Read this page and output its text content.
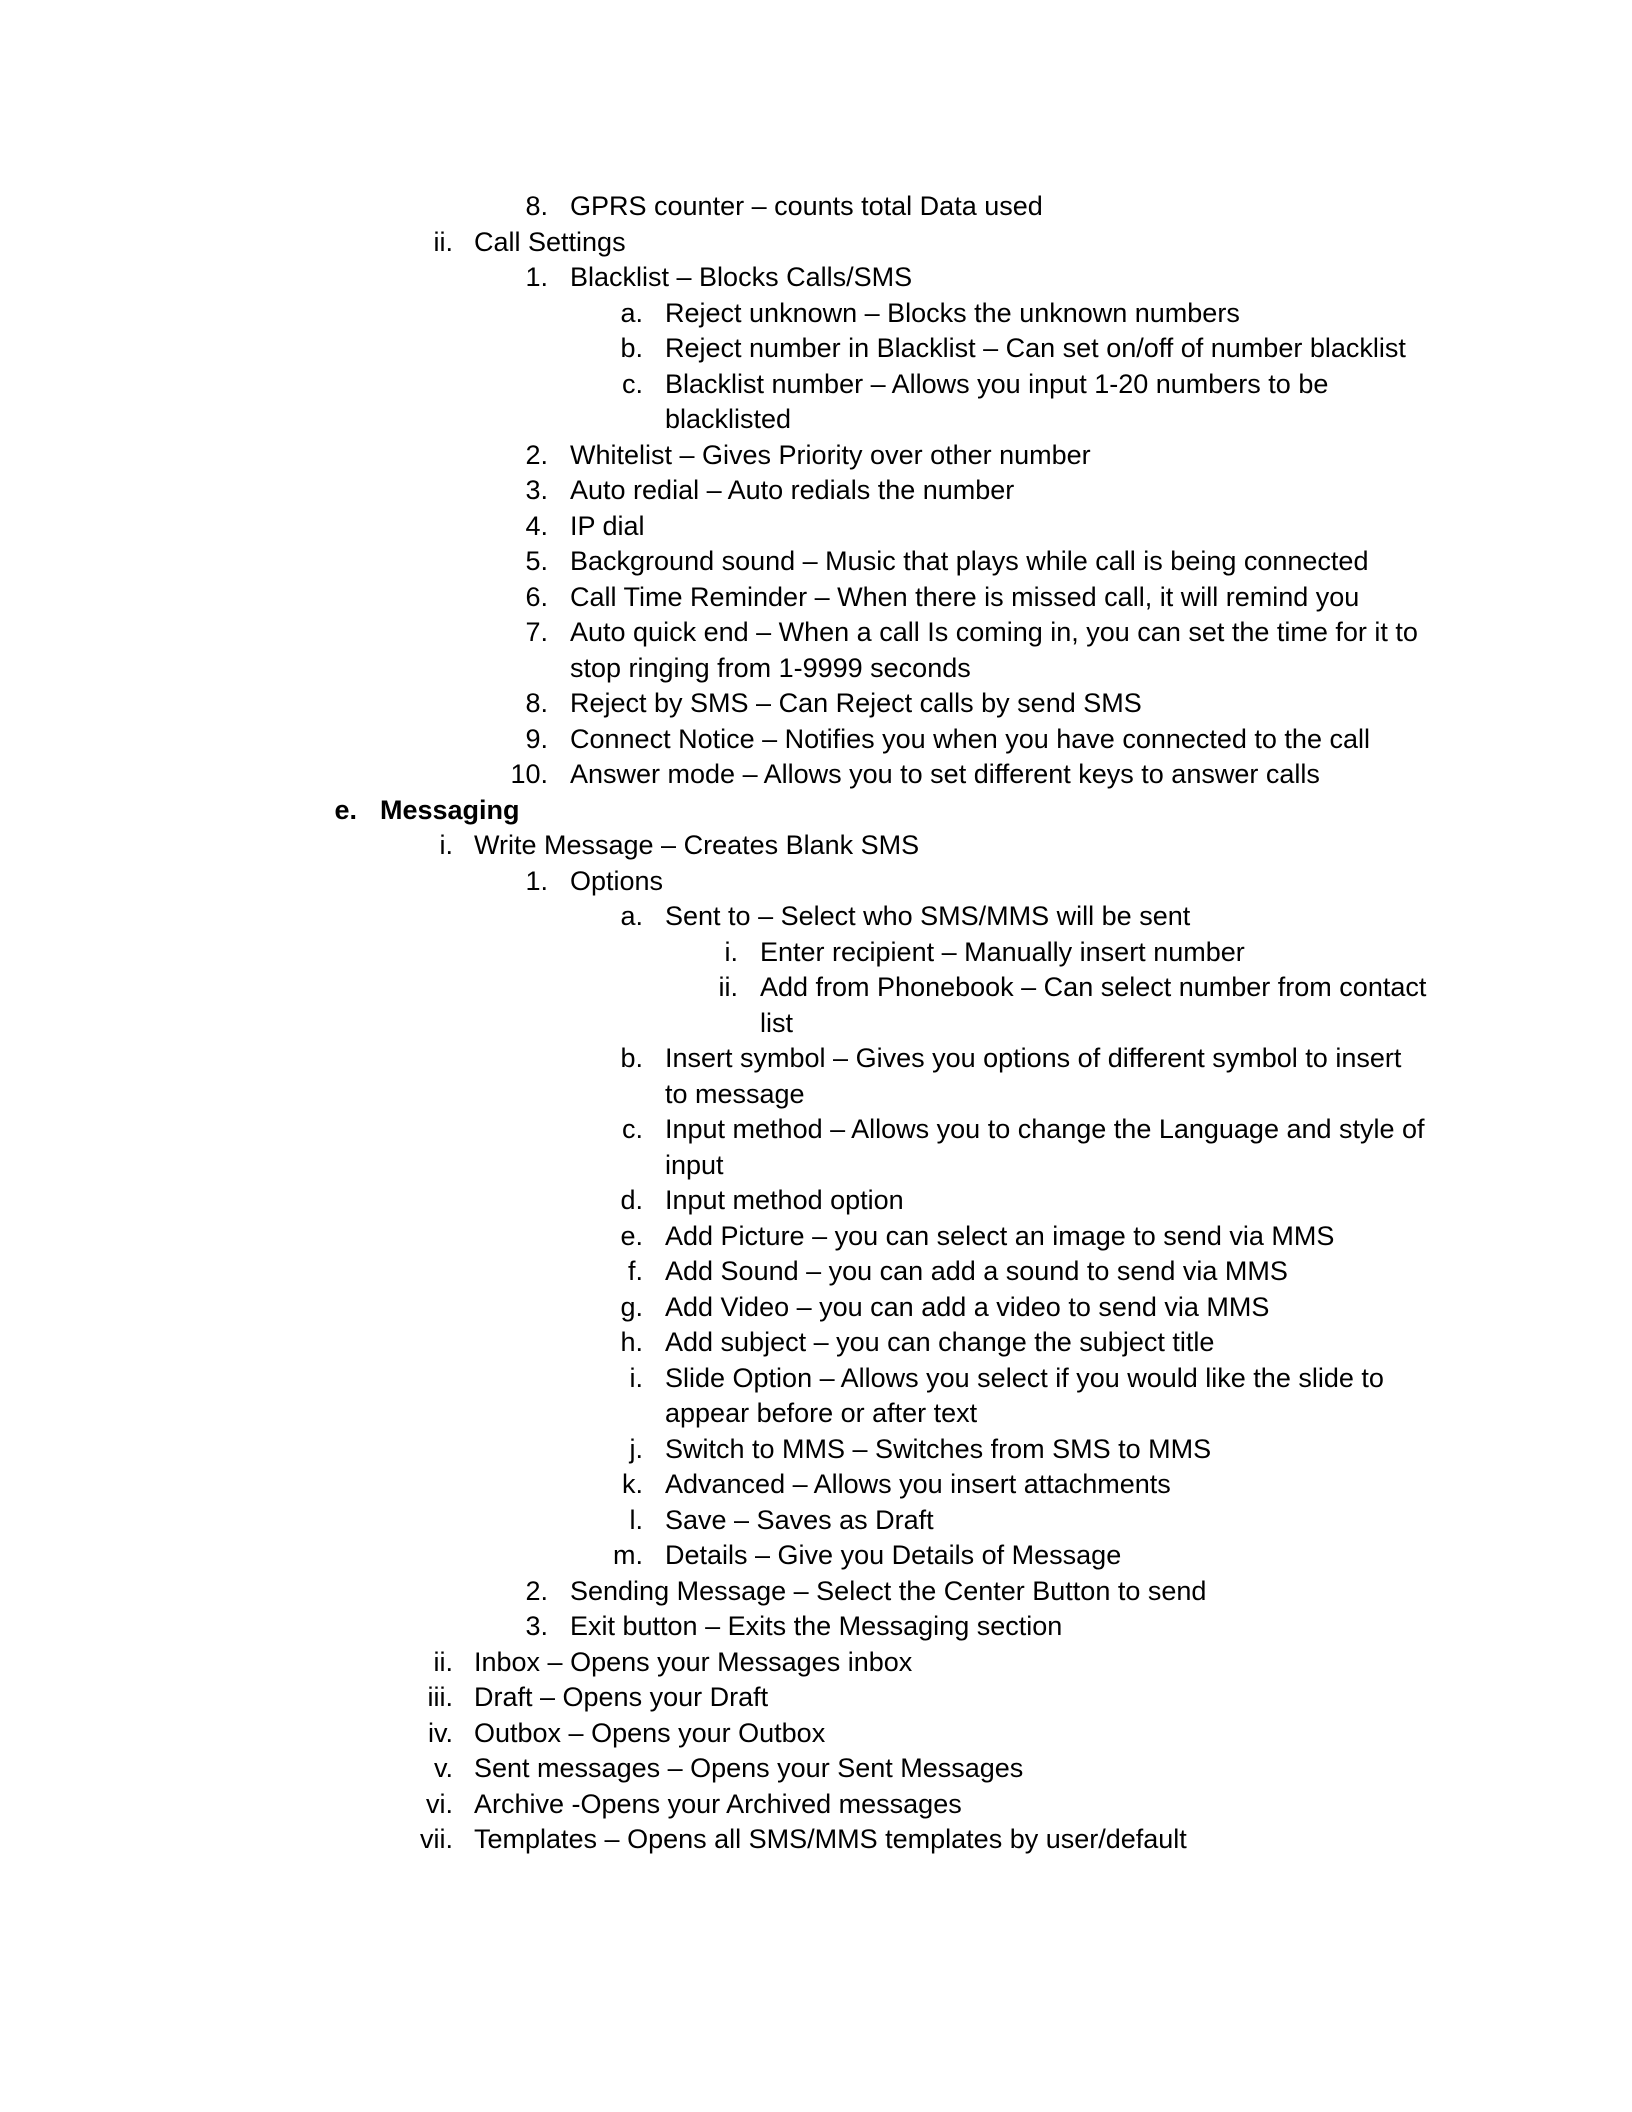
8. GPRS counter – counts total Data used
ii. Call Settings
1. Blacklist – Blocks Calls/SMS
a. Reject unknown – Blocks the unknown numbers
b. Reject number in Blacklist – Can set on/off of number blacklist
c. Blacklist number – Allows you input 1-20 numbers to be
blacklisted
2. Whitelist – Gives Priority over other number
3. Auto redial – Auto redials the number
4. IP dial
5. Background sound – Music that plays while call is being connected
6. Call Time Reminder – When there is missed call, it will remind you
7. Auto quick end – When a call Is coming in, you can set the time for it to
stop ringing from 1-9999 seconds
8. Reject by SMS – Can Reject calls by send SMS
9. Connect Notice – Notifies you when you have connected to the call
10. Answer mode – Allows you to set different keys to answer calls
e. Messaging
i. Write Message – Creates Blank SMS
1. Options
a. Sent to – Select who SMS/MMS will be sent
i. Enter recipient – Manually insert number
ii. Add from Phonebook – Can select number from contact
list
b. Insert symbol – Gives you options of different symbol to insert
to message
c. Input method – Allows you to change the Language and style of
input
d. Input method option
e. Add Picture – you can select an image to send via MMS
f. Add Sound – you can add a sound to send via MMS
g. Add Video – you can add a video to send via MMS
h. Add subject – you can change the subject title
i. Slide Option – Allows you select if you would like the slide to
appear before or after text
j. Switch to MMS – Switches from SMS to MMS
k. Advanced – Allows you insert attachments
l. Save – Saves as Draft
m. Details – Give you Details of Message
2. Sending Message – Select the Center Button to send
3. Exit button – Exits the Messaging section
ii. Inbox – Opens your Messages inbox
iii. Draft – Opens your Draft
iv. Outbox – Opens your Outbox
v. Sent messages – Opens your Sent Messages
vi. Archive -Opens your Archived messages
vii. Templates – Opens all SMS/MMS templates by user/default
